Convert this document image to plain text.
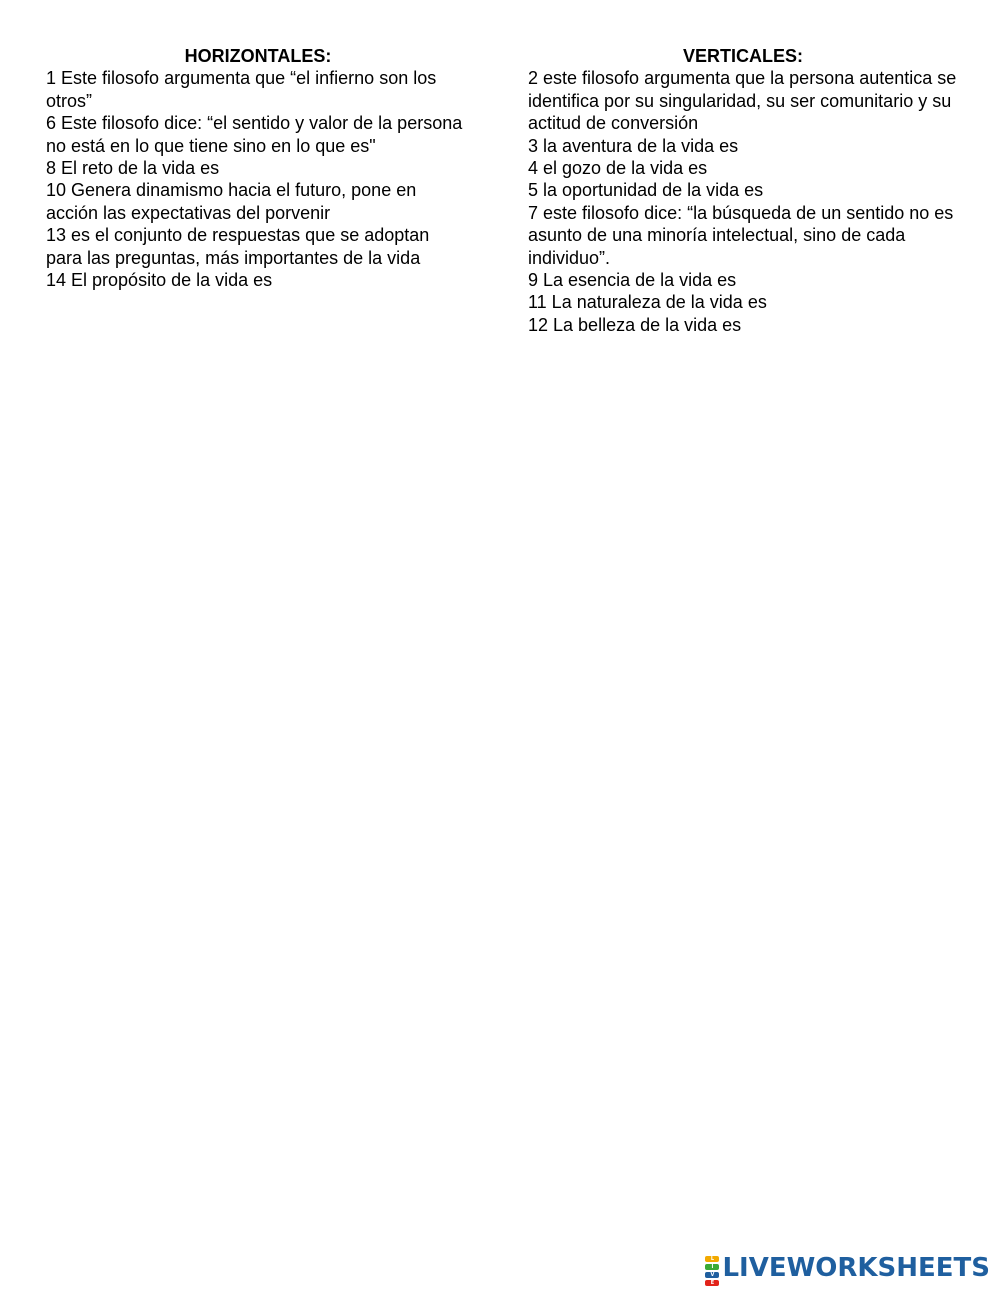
HORIZONTALES:

1 Este filosofo argumenta que “el infierno son los otros”

6 Este filosofo dice: “el sentido y valor de la persona no está en lo que tiene sino en lo que es"

8 El reto de la vida es

10 Genera dinamismo hacia el futuro, pone en acción las expectativas del porvenir

13 es el conjunto de respuestas que se adoptan para las preguntas, más importantes de la vida

14 El propósito de la vida es

VERTICALES:

2 este filosofo argumenta que la persona autentica se identifica por su singularidad, su ser comunitario y su actitud de conversión

3 la aventura de la vida es

4 el gozo de la vida es

5 la oportunidad de la vida es

7 este filosofo dice: “la búsqueda de un sentido no es asunto de una minoría intelectual, sino de cada individuo”.

9 La esencia de la vida es

11 La naturaleza de la vida es

12 La belleza de la vida es

L
I
V
E LIVEWORKSHEETS
